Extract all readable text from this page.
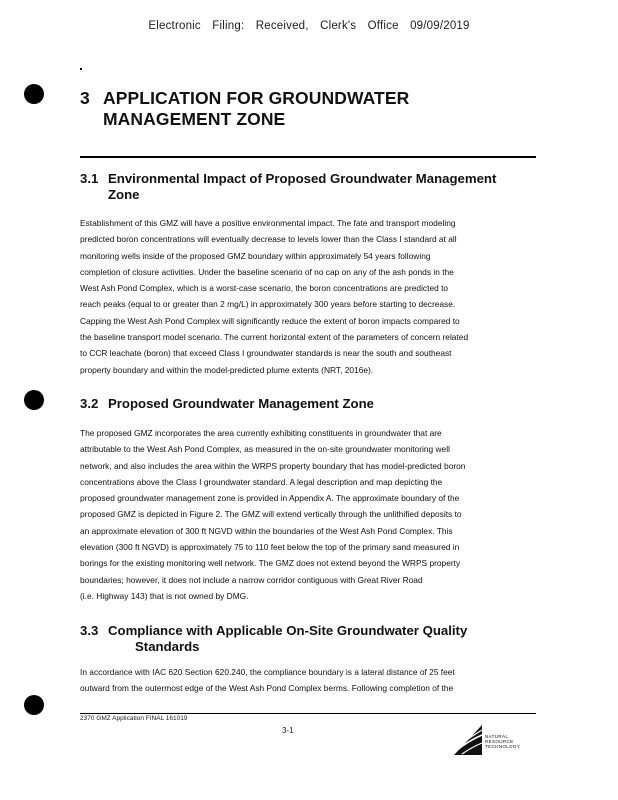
Electronic Filing: Received, Clerk's Office 09/09/2019
3 APPLICATION FOR GROUNDWATER
MANAGEMENT ZONE
3.1 Environmental Impact of Proposed Groundwater Management
Zone
Establishment of this GMZ will have a positive environmental impact. The fate and transport modeling
predicted boron concentrations will eventually decrease to levels lower than the Class I standard at all
monitoring wells inside of the proposed GMZ boundary within approximately 54 years following
completion of closure activities. Under the baseline scenario of no cap on any of the ash ponds in the
West Ash Pond Complex, which is a worst-case scenario, the boron concentrations are predicted to
reach peaks (equal to or greater than 2 mg/L) in approximately 300 years before starting to decrease.
Capping the West Ash Pond Complex will significantly reduce the extent of boron impacts compared to
the baseline transport model scenario. The current horizontal extent of the parameters of concern related
to CCR leachate (boron) that exceed Class I groundwater standards is near the south and southeast
property boundary and within the model-predicted plume extents (NRT, 2016e).
3.2 Proposed Groundwater Management Zone
The proposed GMZ incorporates the area currently exhibiting constituents in groundwater that are
attributable to the West Ash Pond Complex, as measured in the on-site groundwater monitoring well
network, and also includes the area within the WRPS property boundary that has model-predicted boron
concentrations above the Class I groundwater standard. A legal description and map depicting the
proposed groundwater management zone is provided in Appendix A. The approximate boundary of the
proposed GMZ is depicted in Figure 2. The GMZ will extend vertically through the unlithified deposits to
an approximate elevation of 300 ft NGVD within the boundaries of the West Ash Pond Complex. This
elevation (300 ft NGVD) is approximately 75 to 110 feet below the top of the primary sand measured in
borings for the existing monitoring well network. The GMZ does not extend beyond the WRPS property
boundaries; however, it does not include a narrow corridor contiguous with Great River Road
(i.e. Highway 143) that is not owned by DMG.
3.3 Compliance with Applicable On-Site Groundwater Quality
Standards
In accordance with IAC 620 Section 620.240, the compliance boundary is a lateral distance of 25 feet
outward from the outermost edge of the West Ash Pond Complex berms. Following completion of the
2370 GMZ Application FINAL 161019
3-1
NATURAL
RESOURCE
TECHNOLOGY
